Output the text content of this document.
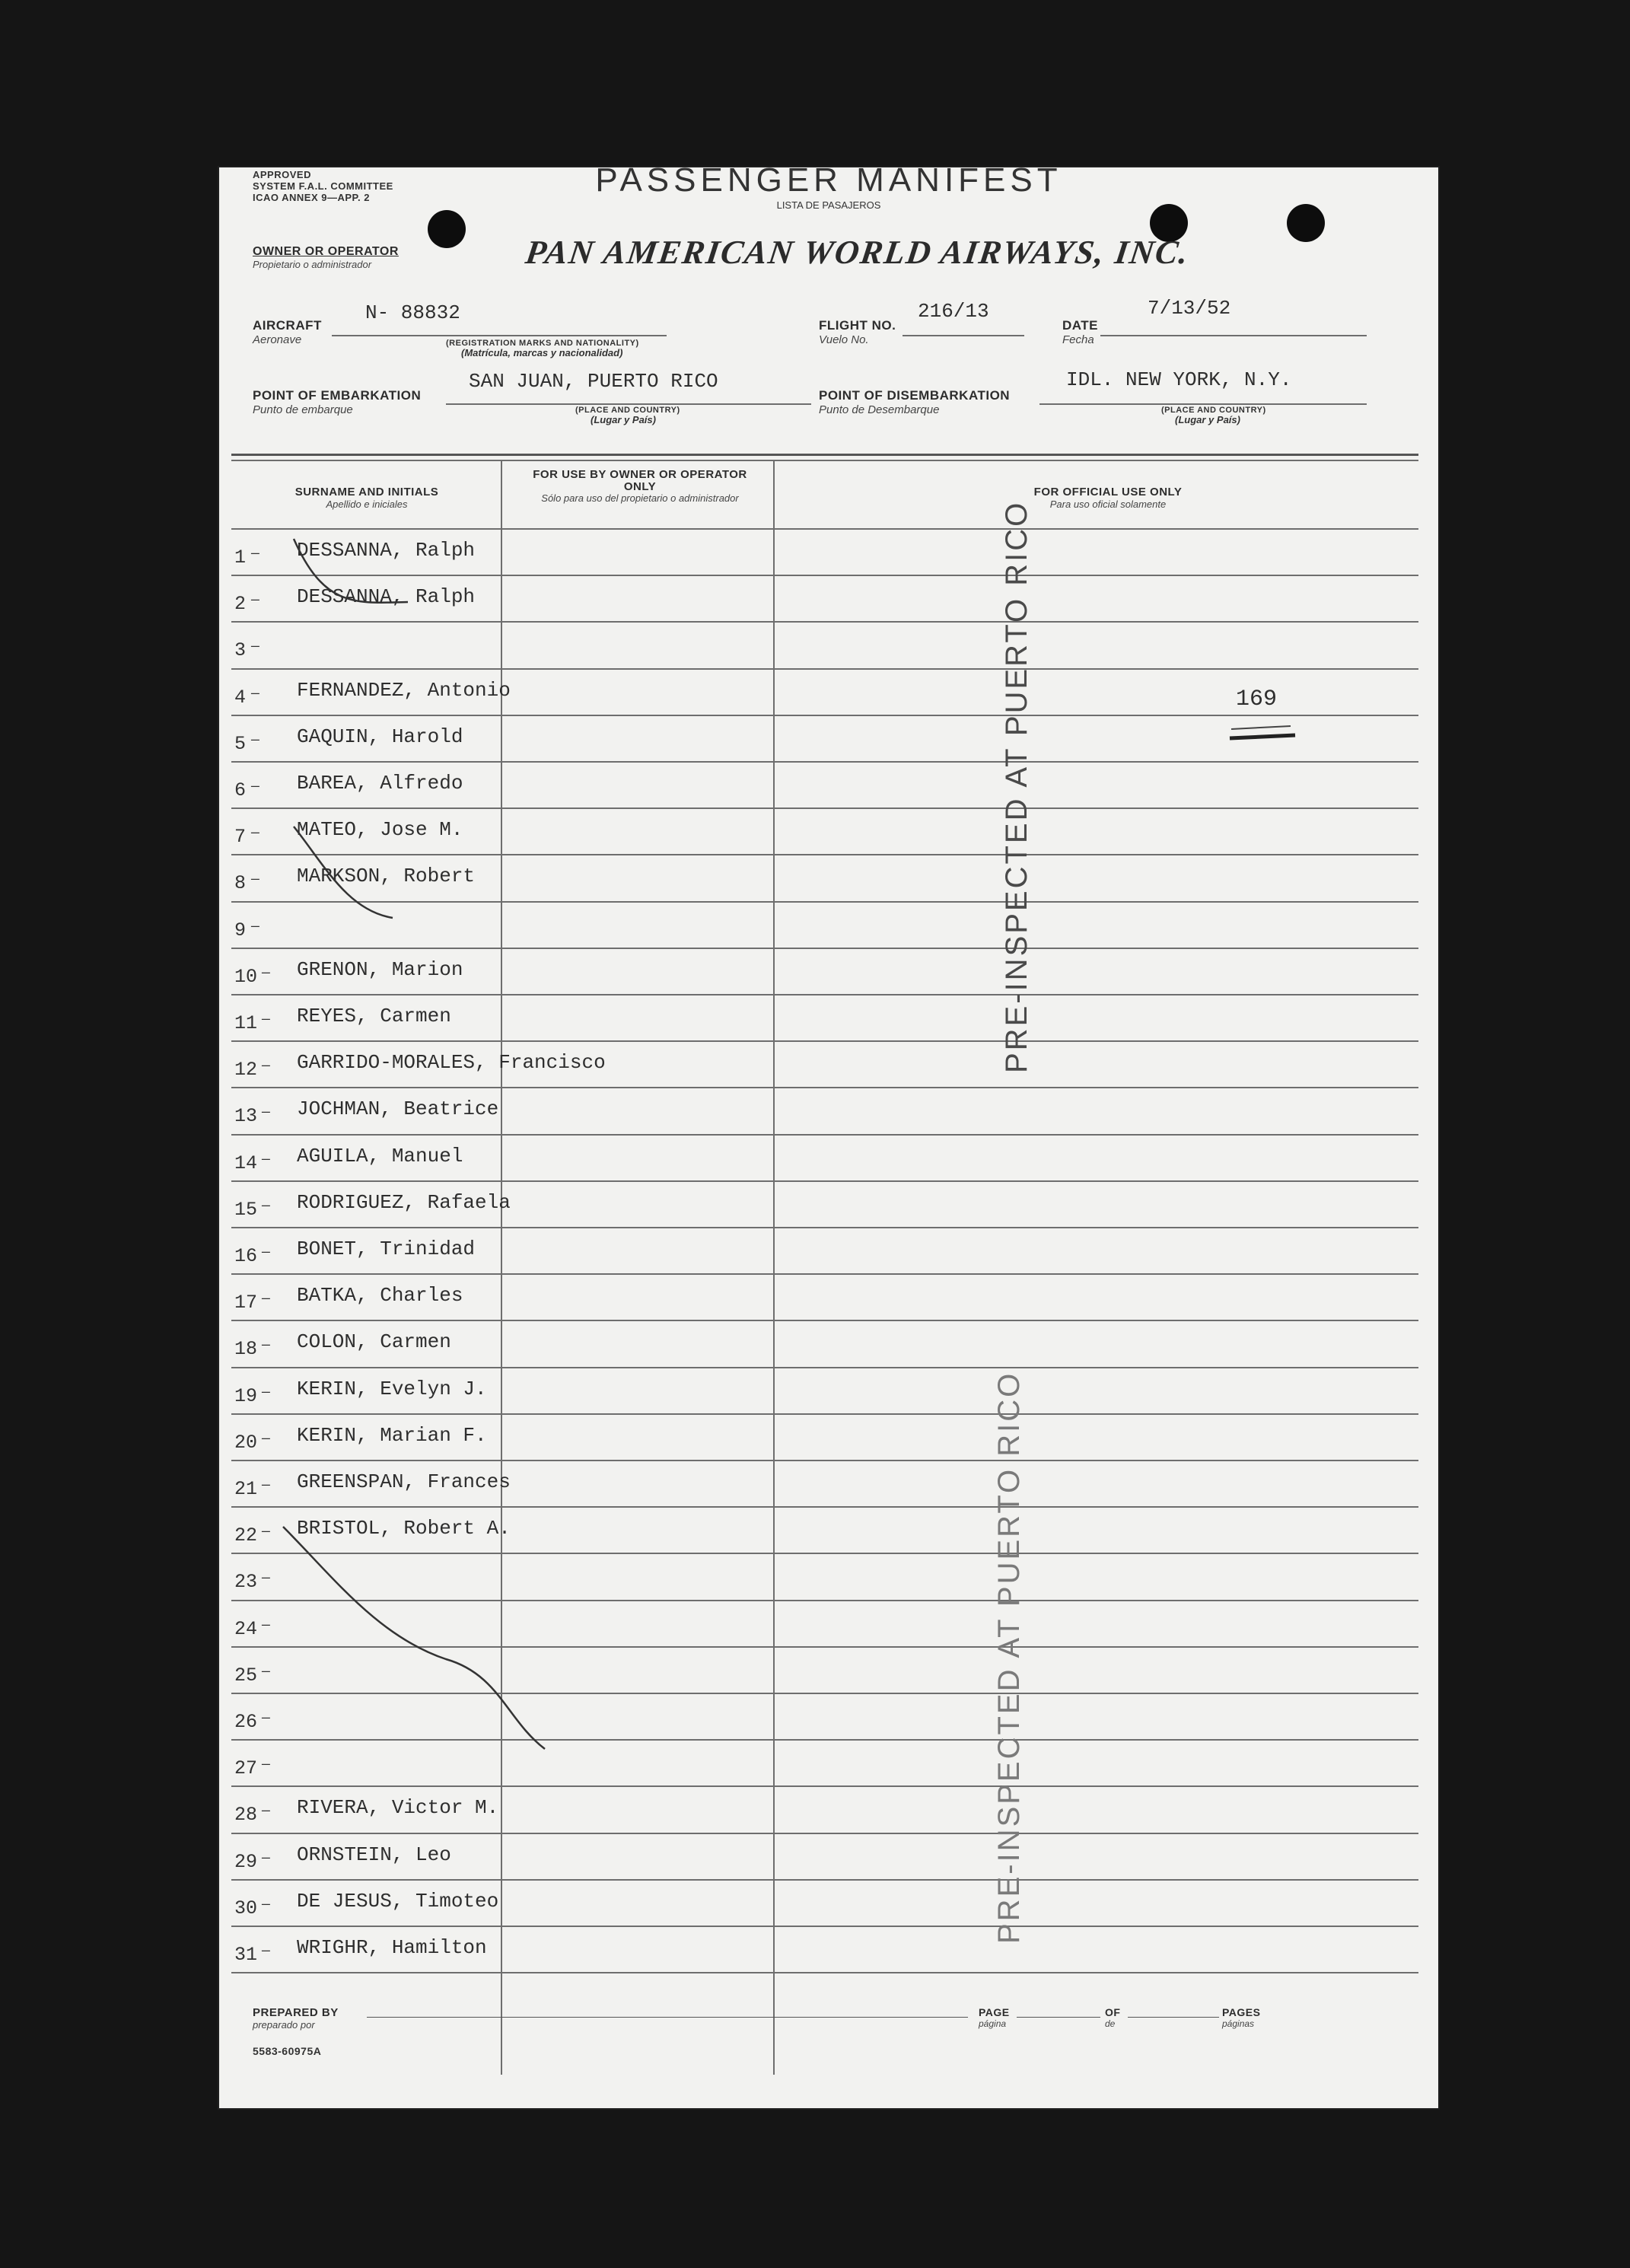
APPROVED
SYSTEM F.A.L. COMMITTEE
ICAO ANNEX 9—APP. 2	PASSENGER MANIFEST
LISTA DE PASAJEROS
OWNER OR OPERATOR
Propietario o administrador	PAN AMERICAN WORLD AIRWAYS, INC.
AIRCRAFT
Aeronave
N- 88832
(REGISTRATION MARKS AND NATIONALITY)
(Matrícula, marcas y nacionalidad)
FLIGHT NO.
Vuelo No.
216/13
DATE
Fecha
7/13/52
POINT OF EMBARKATION
Punto de embarque
SAN JUAN, PUERTO RICO
(PLACE AND COUNTRY)
(Lugar y País)
POINT OF DISEMBARKATION
Punto de Desembarque
IDL. NEW YORK, N.Y.
(PLACE AND COUNTRY)
(Lugar y País)
SURNAME AND INITIALS
Apellido e iniciales
FOR USE BY OWNER OR OPERATOR ONLY
Sólo para uso del propietario o administrador	FOR OFFICIAL USE ONLY
Para uso oficial solamente
1 — DESSANNA, Ralph
2 — DESSANNA, Ralph
3 —
4 — FERNANDEZ, Antonio
5 — GAQUIN, Harold
6 — BAREA, Alfredo
7 — MATEO, Jose M.
8 — MARKSON, Robert
9 —
10 — GRENON, Marion
11 — REYES, Carmen
12 — GARRIDO-MORALES, Francisco
13 — JOCHMAN, Beatrice
14 — AGUILA, Manuel
15 — RODRIGUEZ, Rafaela
16 — BONET, Trinidad
17 — BATKA, Charles
18 — COLON, Carmen
19 — KERIN, Evelyn J.
20 — KERIN, Marian F.
21 — GREENSPAN, Frances
22 — BRISTOL, Robert A.
23 —
24 —
25 —
26 —
27 —
28 — RIVERA, Victor M.
29 — ORNSTEIN, Leo
30 — DE JESUS, Timoteo
31 — WRIGHR, Hamilton
169
PRE-INSPECTED AT PUERTO RICO
PRE-INSPECTED AT PUERTO RICO
PREPARED BY
preparado por
PAGE
página
OF
de
PAGES
páginas
5583-60975A
